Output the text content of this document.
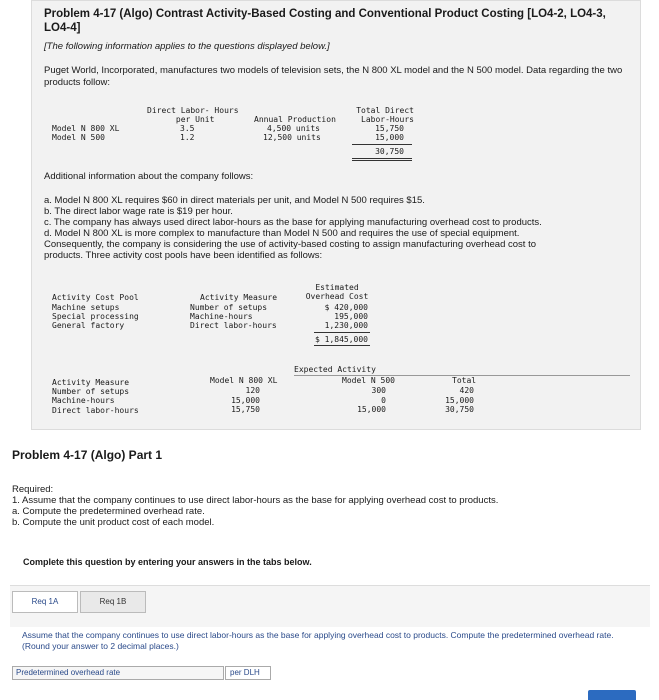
Problem 4-17 (Algo) Contrast Activity-Based Costing and Conventional Product Costing [LO4-2, LO4-3, LO4-4]
[The following information applies to the questions displayed below.]
Puget World, Incorporated, manufactures two models of television sets, the N 800 XL model and the N 500 model. Data regarding the two products follow:
Direct Labor- Hours
per Unit	Annual Production
Total Direct
Labor-Hours
Model N 800 XL	3.5	4,500 units	15,750
Model N 500	1.2	12,500 units	15,000
30,750
Additional information about the company follows:
a. Model N 800 XL requires $60 in direct materials per unit, and Model N 500 requires $15.
b. The direct labor wage rate is $19 per hour.
c. The company has always used direct labor-hours as the base for applying manufacturing overhead cost to products.
d. Model N 800 XL is more complex to manufacture than Model N 500 and requires the use of special equipment.
Consequently, the company is considering the use of activity-based costing to assign manufacturing overhead cost to
products. Three activity cost pools have been identified as follows:
Estimated
Overhead Cost
Activity Cost Pool	Activity Measure
Machine setups	Number of setups	$ 420,000
Special processing	Machine-hours	195,000
General factory	Direct labor-hours	1,230,000
$ 1,845,000
Expected Activity
Activity Measure	Model N 800 XL	Model N 500	Total
Number of setups	120	300	420
Machine-hours	15,000	0	15,000
Direct labor-hours	15,750	15,000	30,750
Problem 4-17 (Algo) Part 1
Required:
1. Assume that the company continues to use direct labor-hours as the base for applying overhead cost to products.
a. Compute the predetermined overhead rate.
b. Compute the unit product cost of each model.
Complete this question by entering your answers in the tabs below.
Req 1A	Req 1B
Assume that the company continues to use direct labor-hours as the base for applying overhead cost to products. Compute the predetermined overhead rate. (Round your answer to 2 decimal places.)
Predetermined overhead rate	per DLH
